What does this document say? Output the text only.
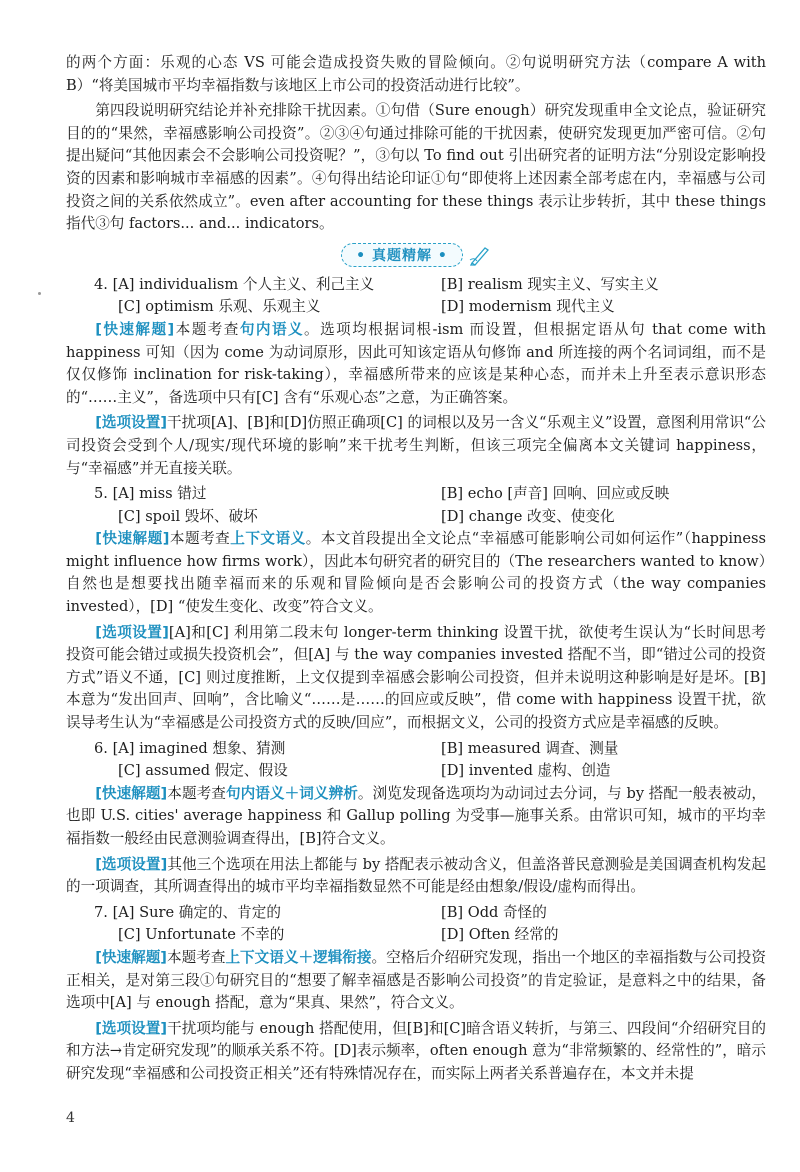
的两个方面：乐观的心态 VS 可能会造成投资失败的冒险倾向。②句说明研究方法（compare A with B）“将美国城市平均幸福指数与该地区上市公司的投资活动进行比较”。

第四段说明研究结论并补充排除干扰因素。①句借（Sure enough）研究发现重申全文论点，验证研究目的的“果然，幸福感影响公司投资”。②③④句通过排除可能的干扰因素，使研究发现更加严密可信。②句提出疑问“其他因素会不会影响公司投资呢？”，③句以 To find out 引出研究者的证明方法“分别设定影响投资的因素和影响城市幸福感的因素”。④句得出结论印证①句“即使将上述因素全部考虑在内，幸福感与公司投资之间的关系依然成立”。even after accounting for these things 表示让步转折，其中 these things 指代③句 factors... and... indicators。

• 真题精解 •
4. [A] individualism 个人主义、利己主义	[B] realism 现实主义、写实主义
[C] optimism 乐观、乐观主义	[D] modernism 现代主义

[快速解题]本题考查句内语义。选项均根据词根-ism 而设置，但根据定语从句 that come with happiness 可知（因为 come 为动词原形，因此可知该定语从句修饰 and 所连接的两个名词词组，而不是仅仅修饰 inclination for risk-taking），幸福感所带来的应该是某种心态，而并未上升至表示意识形态的“……主义”，备选项中只有[C] 含有“乐观心态”之意，为正确答案。

[选项设置]干扰项[A]、[B]和[D]仿照正确项[C] 的词根以及另一含义“乐观主义”设置，意图利用常识“公司投资会受到个人/现实/现代环境的影响”来干扰考生判断，但该三项完全偏离本文关键词 happiness，与“幸福感”并无直接关联。

5. [A] miss 错过	[B] echo [声音] 回响、回应或反映
[C] spoil 毁坏、破坏	[D] change 改变、使变化

[快速解题]本题考查上下文语义。本文首段提出全文论点“幸福感可能影响公司如何运作”（happiness might influence how firms work），因此本句研究者的研究目的（The researchers wanted to know）自然也是想要找出随幸福而来的乐观和冒险倾向是否会影响公司的投资方式（the way companies invested），[D] “使发生变化、改变”符合文义。

[选项设置][A]和[C] 利用第二段末句 longer-term thinking 设置干扰，欲使考生误认为“长时间思考投资可能会错过或损失投资机会”，但[A] 与 the way companies invested 搭配不当，即“错过公司的投资方式”语义不通，[C] 则过度推断，上文仅提到幸福感会影响公司投资，但并未说明这种影响是好是坏。[B] 本意为“发出回声、回响”，含比喻义“……是……的回应或反映”，借 come with happiness 设置干扰，欲误导考生认为“幸福感是公司投资方式的反映/回应”，而根据文义，公司的投资方式应是幸福感的反映。

6. [A] imagined 想象、猜测	[B] measured 调查、测量
[C] assumed 假定、假设	[D] invented 虚构、创造

[快速解题]本题考查句内语义＋词义辨析。浏览发现备选项均为动词过去分词，与 by 搭配一般表被动，也即 U.S. cities' average happiness 和 Gallup polling 为受事—施事关系。由常识可知，城市的平均幸福指数一般经由民意测验调查得出，[B]符合文义。

[选项设置]其他三个选项在用法上都能与 by 搭配表示被动含义，但盖洛普民意测验是美国调查机构发起的一项调查，其所调查得出的城市平均幸福指数显然不可能是经由想象/假设/虚构而得出。

7. [A] Sure 确定的、肯定的	[B] Odd 奇怪的
[C] Unfortunate 不幸的	[D] Often 经常的

[快速解题]本题考查上下文语义＋逻辑衔接。空格后介绍研究发现，指出一个地区的幸福指数与公司投资正相关，是对第三段①句研究目的“想要了解幸福感是否影响公司投资”的肯定验证，是意料之中的结果，备选项中[A] 与 enough 搭配，意为“果真、果然”，符合文义。

[选项设置]干扰项均能与 enough 搭配使用，但[B]和[C]暗含语义转折，与第三、四段间“介绍研究目的和方法→肯定研究发现”的顺承关系不符。[D]表示频率，often enough 意为“非常频繁的、经常性的”，暗示研究发现“幸福感和公司投资正相关”还有特殊情况存在，而实际上两者关系普遍存在，本文并未提

4
